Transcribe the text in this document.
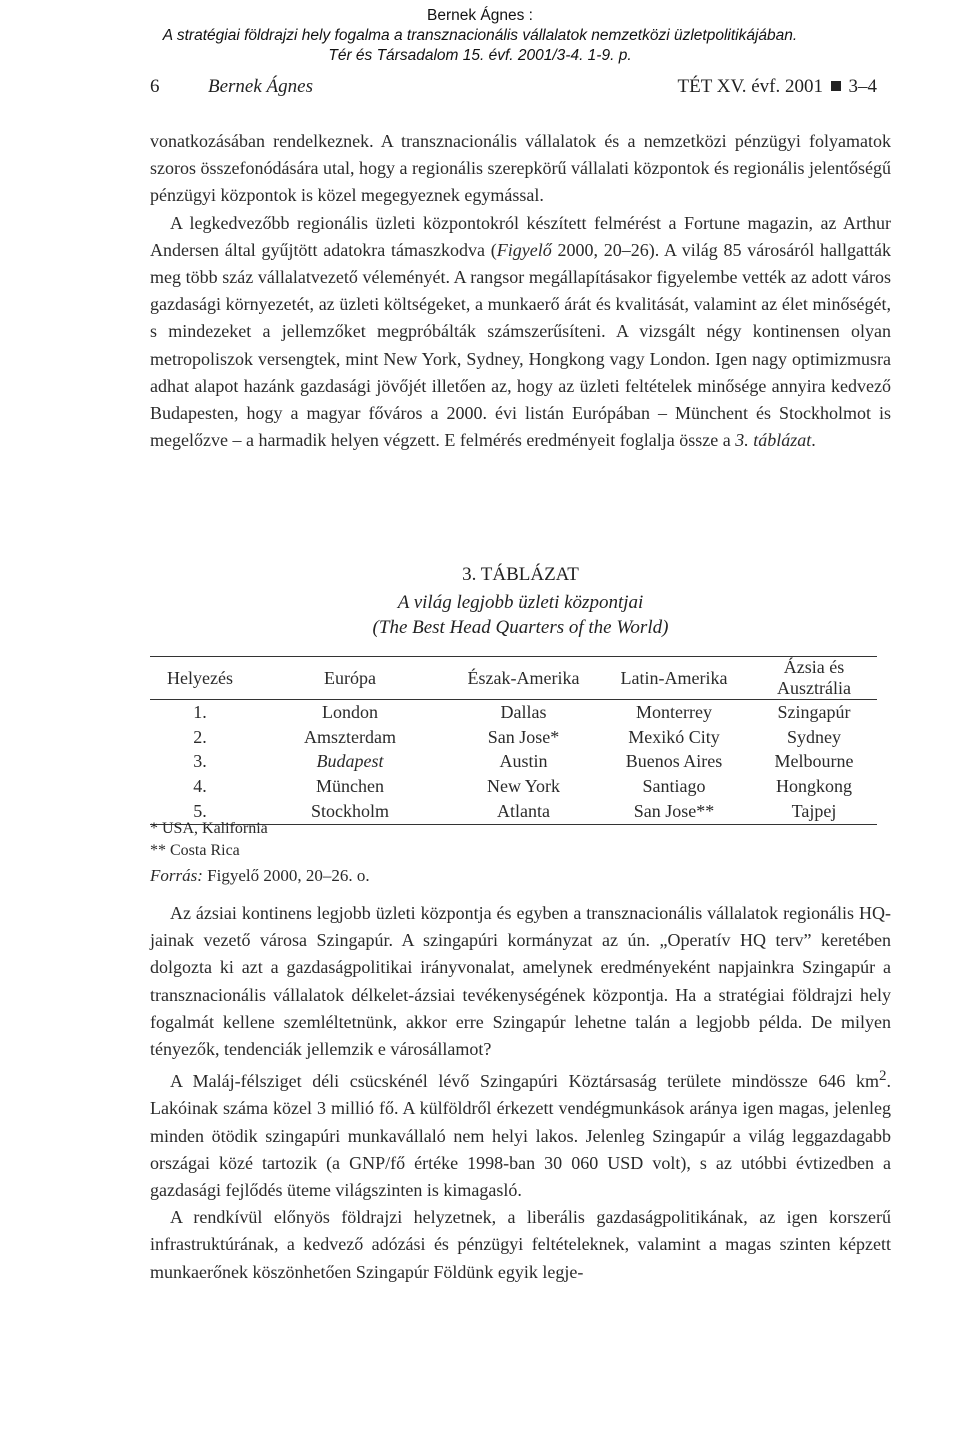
Bernek Ágnes :
A stratégiai földrajzi hely fogalma a transznacionális vállalatok nemzetközi üzletpolitikájában.
Tér és Társadalom 15. évf. 2001/3-4. 1-9. p.
6	Bernek Ágnes	TÉT XV. évf. 2001 3–4

vonatkozásában rendelkeznek. A transznacionális vállalatok és a nemzetközi pénzügyi folyamatok szoros összefonódására utal, hogy a regionális szerepkörű vállalati központok és regionális jelentőségű pénzügyi központok is közel megegyeznek egymással.

A legkedvezőbb regionális üzleti központokról készített felmérést a Fortune magazin, az Arthur Andersen által gyűjtött adatokra támaszkodva (Figyelő 2000, 20–26). A világ 85 városáról hallgatták meg több száz vállalatvezető véleményét. A rangsor megállapításakor figyelembe vették az adott város gazdasági környezetét, az üzleti költségeket, a munkaerő árát és kvalitását, valamint az élet minőségét, s mindezeket a jellemzőket megpróbálták számszerűsíteni. A vizsgált négy kontinensen olyan metropoliszok versengtek, mint New York, Sydney, Hongkong vagy London. Igen nagy optimizmusra adhat alapot hazánk gazdasági jövőjét illetően az, hogy az üzleti feltételek minősége annyira kedvező Budapesten, hogy a magyar főváros a 2000. évi listán Európában – Münchent és Stockholmot is megelőzve – a harmadik helyen végzett. E felmérés eredményeit foglalja össze a 3. táblázat.

3. TÁBLÁZAT
A világ legjobb üzleti központjai
(The Best Head Quarters of the World)
Helyezés	Európa	Észak-Amerika	Latin-Amerika	Ázsia és Ausztrália
1.	London	Dallas	Monterrey	Szingapúr
2.	Amszterdam	San Jose*	Mexikó City	Sydney
3.	Budapest	Austin	Buenos Aires	Melbourne
4.	München	New York	Santiago	Hongkong
5.	Stockholm	Atlanta	San Jose**	Tajpej
* USA, Kalifornia
** Costa Rica
Forrás: Figyelő 2000, 20–26. o.

Az ázsiai kontinens legjobb üzleti központja és egyben a transznacionális vállalatok regionális HQ-jainak vezető városa Szingapúr. A szingapúri kormányzat az ún. „Operatív HQ terv” keretében dolgozta ki azt a gazdaságpolitikai irányvonalat, amelynek eredményeként napjainkra Szingapúr a transznacionális vállalatok délkelet-ázsiai tevékenységének központja. Ha a stratégiai földrajzi hely fogalmát kellene szemléltetnünk, akkor erre Szingapúr lehetne talán a legjobb példa. De milyen tényezők, tendenciák jellemzik e városállamot?

A Maláj-félsziget déli csücskénél lévő Szingapúri Köztársaság területe mindössze 646 $km^2$. Lakóinak száma közel 3 millió fő. A külföldről érkezett vendégmunkások aránya igen magas, jelenleg minden ötödik szingapúri munkavállaló nem helyi lakos. Jelenleg Szingapúr a világ leggazdagabb országai közé tartozik (a GNP/fő értéke 1998-ban 30 060 USD volt), s az utóbbi évtizedben a gazdasági fejlődés üteme világszinten is kimagasló.

A rendkívül előnyös földrajzi helyzetnek, a liberális gazdaságpolitikának, az igen korszerű infrastruktúrának, a kedvező adózási és pénzügyi feltételeknek, valamint a magas szinten képzett munkaerőnek köszönhetően Szingapúr Földünk egyik legje-
